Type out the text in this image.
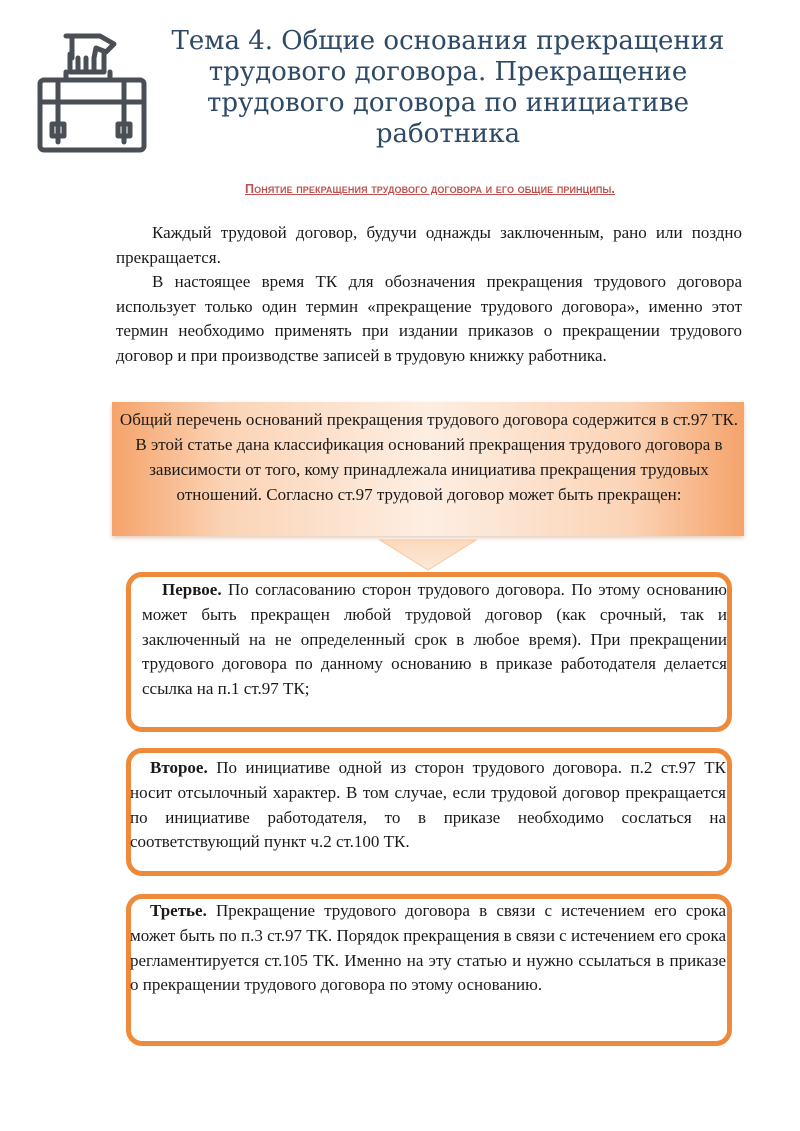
Тема 4. Общие основания прекращения трудового договора. Прекращение трудового договора по инициативе работника
Понятие прекращения трудового договора и его общие принципы.

Каждый трудовой договор, будучи однажды заключенным, рано или поздно прекращается.

В настоящее время ТК для обозначения прекращения трудового договора использует только один термин «прекращение трудового договора», именно этот термин необходимо применять при издании приказов о прекращении трудового договор и при производстве записей в трудовую книжку работника.

Общий перечень оснований прекращения трудового договора содержится в ст.97 ТК. В этой статье дана классификация оснований прекращения трудового договора в зависимости от того, кому принадлежала инициатива прекращения трудовых отношений. Согласно ст.97 трудовой договор может быть прекращен:

Первое. По согласованию сторон трудового договора. По этому основанию может быть прекращен любой трудовой договор (как срочный, так и заключенный на не определенный срок в любое время). При прекращении трудового договора по данному основанию в приказе работодателя делается ссылка на п.1 ст.97 ТК;

Второе. По инициативе одной из сторон трудового договора. п.2 ст.97 ТК носит отсылочный характер. В том случае, если трудовой договор прекращается по инициативе работодателя, то в приказе необходимо сослаться на соответствующий пункт ч.2 ст.100 ТК.

Третье. Прекращение трудового договора в связи с истечением его срока может быть по п.3 ст.97 ТК. Порядок прекращения в связи с истечением его срока регламентируется ст.105 ТК. Именно на эту статью и нужно ссылаться в приказе о прекращении трудового договора по этому основанию.
